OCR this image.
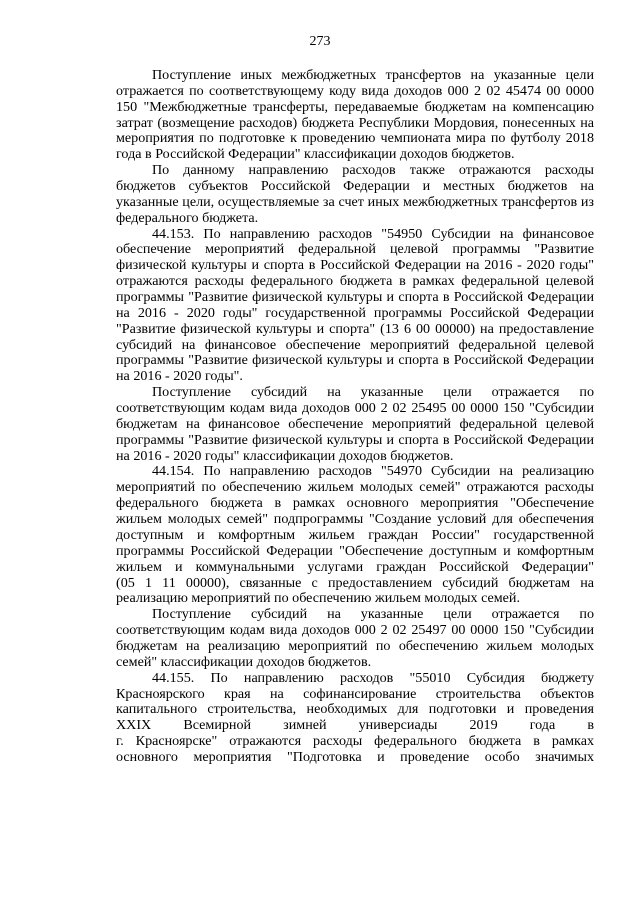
273
Поступление иных межбюджетных трансфертов на указанные цели
отражается по соответствующему коду вида доходов 000 2 02 45474 00 0000
150 "Межбюджетные трансферты, передаваемые бюджетам на компенсацию
затрат (возмещение расходов) бюджета Республики Мордовия, понесенных на
мероприятия по подготовке к проведению чемпионата мира по футболу 2018
года в Российской Федерации" классификации доходов бюджетов.
По данному направлению расходов также отражаются расходы
бюджетов субъектов Российской Федерации и местных бюджетов на
указанные цели, осуществляемые за счет иных межбюджетных трансфертов из
федерального бюджета.
44.153. По направлению расходов "54950 Субсидии на финансовое
обеспечение мероприятий федеральной целевой программы "Развитие
физической культуры и спорта в Российской Федерации на 2016 - 2020 годы"
отражаются расходы федерального бюджета в рамках федеральной целевой
программы "Развитие физической культуры и спорта в Российской Федерации
на 2016 - 2020 годы" государственной программы Российской Федерации
"Развитие физической культуры и спорта" (13 6 00 00000) на предоставление
субсидий на финансовое обеспечение мероприятий федеральной целевой
программы "Развитие физической культуры и спорта в Российской Федерации
на 2016 - 2020 годы".
Поступление субсидий на указанные цели отражается по
соответствующим кодам вида доходов 000 2 02 25495 00 0000 150 "Субсидии
бюджетам на финансовое обеспечение мероприятий федеральной целевой
программы "Развитие физической культуры и спорта в Российской Федерации
на 2016 - 2020 годы" классификации доходов бюджетов.
44.154. По направлению расходов "54970 Субсидии на реализацию
мероприятий по обеспечению жильем молодых семей" отражаются расходы
федерального бюджета в рамках основного мероприятия "Обеспечение
жильем молодых семей" подпрограммы "Создание условий для обеспечения
доступным и комфортным жильем граждан России" государственной
программы Российской Федерации "Обеспечение доступным и комфортным
жильем и коммунальными услугами граждан Российской Федерации"
(05 1 11 00000), связанные с предоставлением субсидий бюджетам на
реализацию мероприятий по обеспечению жильем молодых семей.
Поступление субсидий на указанные цели отражается по
соответствующим кодам вида доходов 000 2 02 25497 00 0000 150 "Субсидии
бюджетам на реализацию мероприятий по обеспечению жильем молодых
семей" классификации доходов бюджетов.
44.155. По направлению расходов "55010 Субсидия бюджету
Красноярского края на софинансирование строительства объектов
капитального строительства, необходимых для подготовки и проведения
XXIX Всемирной зимней универсиады 2019 года в
г. Красноярске" отражаются расходы федерального бюджета в рамках
основного мероприятия "Подготовка и проведение особо значимых
